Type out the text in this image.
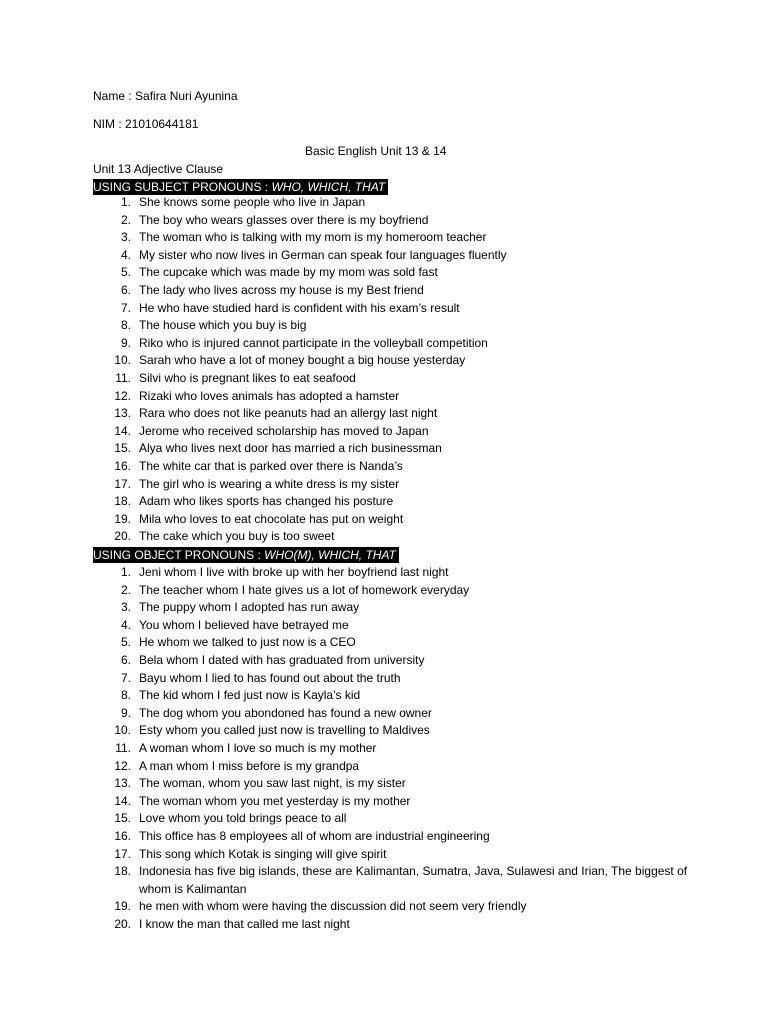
Name : Safira Nuri Ayunina
NIM : 21010644181
Basic English Unit 13 & 14
Unit 13 Adjective Clause
USING SUBJECT PRONOUNS : WHO, WHICH, THAT
1. She knows some people who live in Japan
2. The boy who wears glasses over there is my boyfriend
3. The woman who is talking with my mom is my homeroom teacher
4. My sister who now lives in German can speak four languages fluently
5. The cupcake which was made by my mom was sold fast
6. The lady who lives across my house is my Best friend
7. He who have studied hard is confident with his exam’s result
8. The house which you buy is big
9. Riko who is injured cannot participate in the volleyball competition
10. Sarah who have a lot of money bought a big house yesterday
11. Silvi who is pregnant likes to eat seafood
12. Rizaki who loves animals has adopted a hamster
13. Rara who does not like peanuts had an allergy last night
14. Jerome who received scholarship has moved to Japan
15. Alya who lives next door has married a rich businessman
16. The white car that is parked over there is Nanda’s
17. The girl who is wearing a white dress is my sister
18. Adam who likes sports has changed his posture
19. Mila who loves to eat chocolate has put on weight
20. The cake which you buy is too sweet
USING OBJECT PRONOUNS : WHO(M), WHICH, THAT
1. Jeni whom I live with broke up with her boyfriend last night
2. The teacher whom I hate gives us a lot of homework everyday
3. The puppy whom I adopted has run away
4. You whom I believed have betrayed me
5. He whom we talked to just now is a CEO
6. Bela whom I dated with has graduated from university
7. Bayu whom I lied to has found out about the truth
8. The kid whom I fed just now is Kayla’s kid
9. The dog whom you abondoned has found a new owner
10. Esty whom you called just now is travelling to Maldives
11. A woman whom I love so much is my mother
12. A man whom I miss before is my grandpa
13. The woman, whom you saw last night, is my sister
14. The woman whom you met yesterday is my mother
15. Love whom you told brings peace to all
16. This office has 8 employees all of whom are industrial engineering
17. This song which Kotak is singing will give spirit
18. Indonesia has five big islands, these are Kalimantan, Sumatra, Java, Sulawesi and Irian, The biggest of whom is Kalimantan
19. he men with whom were having the discussion did not seem very friendly
20. I know the man that called me last night
